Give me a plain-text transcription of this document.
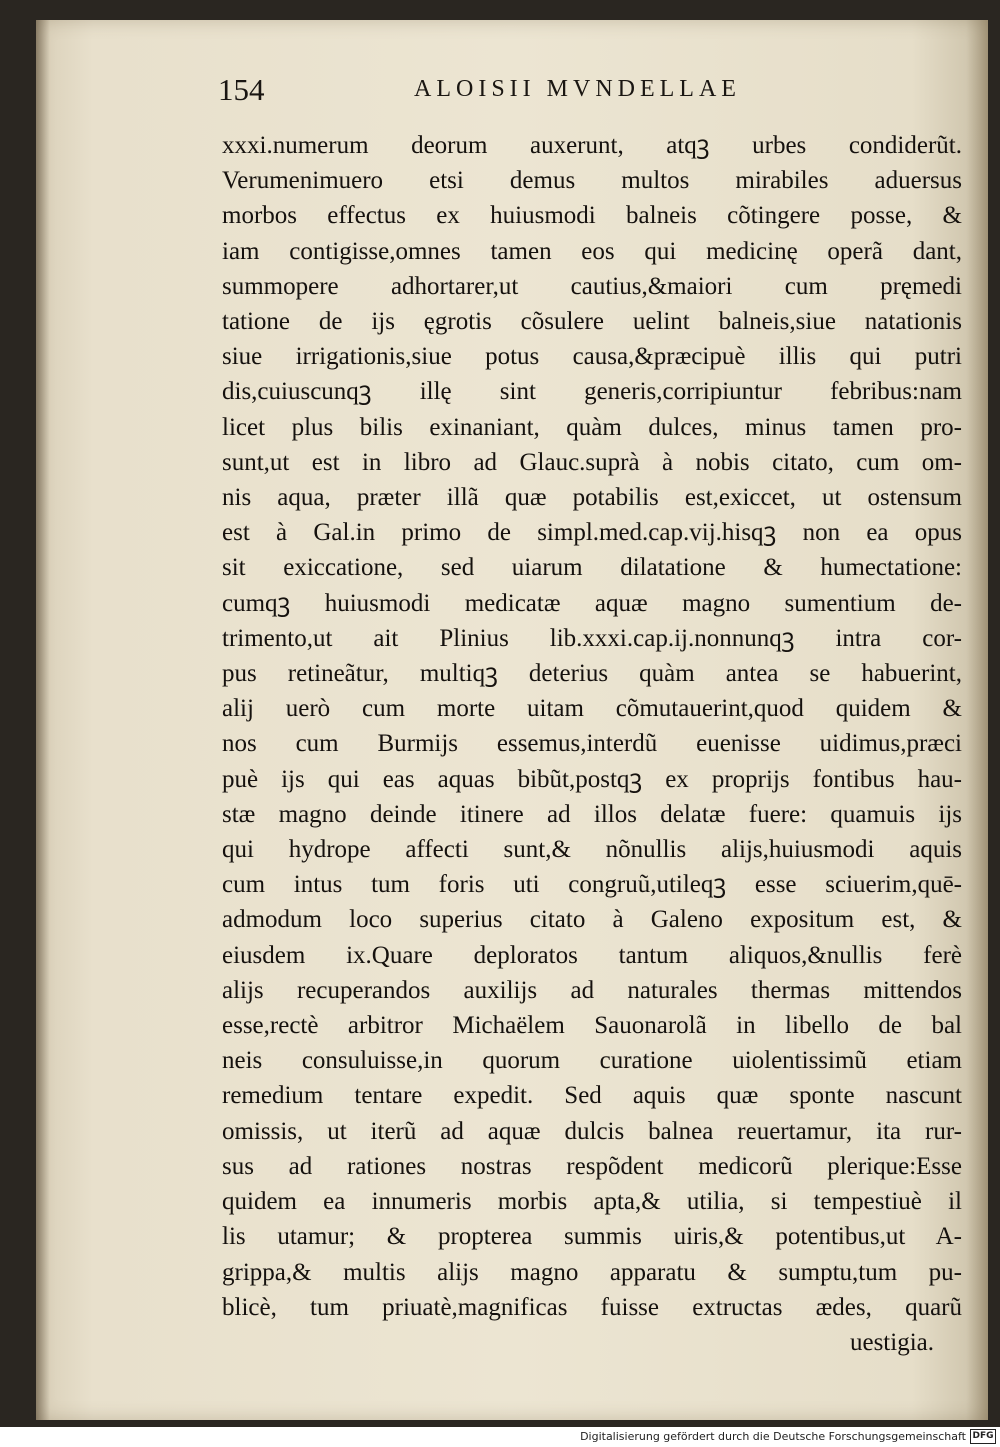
154	ALOISII MVNDELLAE
xxxi.numerum deorum auxerunt, atqꝫ urbes condiderũt.
Verumenimuero etsi demus multos mirabiles aduersus
morbos effectus ex huiusmodi balneis cõtingere posse, &
iam contigisse,omnes tamen eos qui medicinę operã dant,
summopere adhortarer,ut cautius,&maiori cum pręmedi
tatione de ijs ęgrotis cõsulere uelint balneis,siue natationis
siue irrigationis,siue potus causa,&præcipuè illis qui putri
dis,cuiuscunqꝫ illę sint generis,corripiuntur febribus:nam
licet plus bilis exinaniant, quàm dulces, minus tamen pro-
sunt,ut est in libro ad Glauc.suprà à nobis citato, cum om-
nis aqua, præter illã quæ potabilis est,exiccet, ut ostensum
est à Gal.in primo de simpl.med.cap.vij.hisqꝫ non ea opus
sit exiccatione, sed uiarum dilatatione & humectatione:
cumqꝫ huiusmodi medicatæ aquæ magno sumentium de-
trimento,ut ait Plinius lib.xxxi.cap.ij.nonnunqꝫ intra cor-
pus retineãtur, multiqꝫ deterius quàm antea se habuerint,
alij uerò cum morte uitam cõmutauerint,quod quidem &
nos cum Burmijs essemus,interdũ euenisse uidimus,præci
puè ijs qui eas aquas bibũt,postqꝫ ex proprijs fontibus hau-
stæ magno deinde itinere ad illos delatæ fuere: quamuis ijs
qui hydrope affecti sunt,& nõnullis alijs,huiusmodi aquis
cum intus tum foris uti congruũ,utileqꝫ esse sciuerim,quē-
admodum loco superius citato à Galeno expositum est, &
eiusdem ix.Quare deploratos tantum aliquos,&nullis ferè
alijs recuperandos auxilijs ad naturales thermas mittendos
esse,rectè arbitror Michaëlem Sauonarolã in libello de bal
neis consuluisse,in quorum curatione uiolentissimũ etiam
remedium tentare expedit. Sed aquis quæ sponte nascunt
omissis, ut iterũ ad aquæ dulcis balnea reuertamur, ita rur-
sus ad rationes nostras respõdent medicorũ plerique:Esse
quidem ea innumeris morbis apta,& utilia, si tempestiuè il
lis utamur; & propterea summis uiris,& potentibus,ut A-
grippa,& multis alijs magno apparatu & sumptu,tum pu-
blicè, tum priuatè,magnificas fuisse extructas ædes, quarũ
uestigia.
Digitalisierung gefördert durch die Deutsche Forschungsgemeinschaft DFG
